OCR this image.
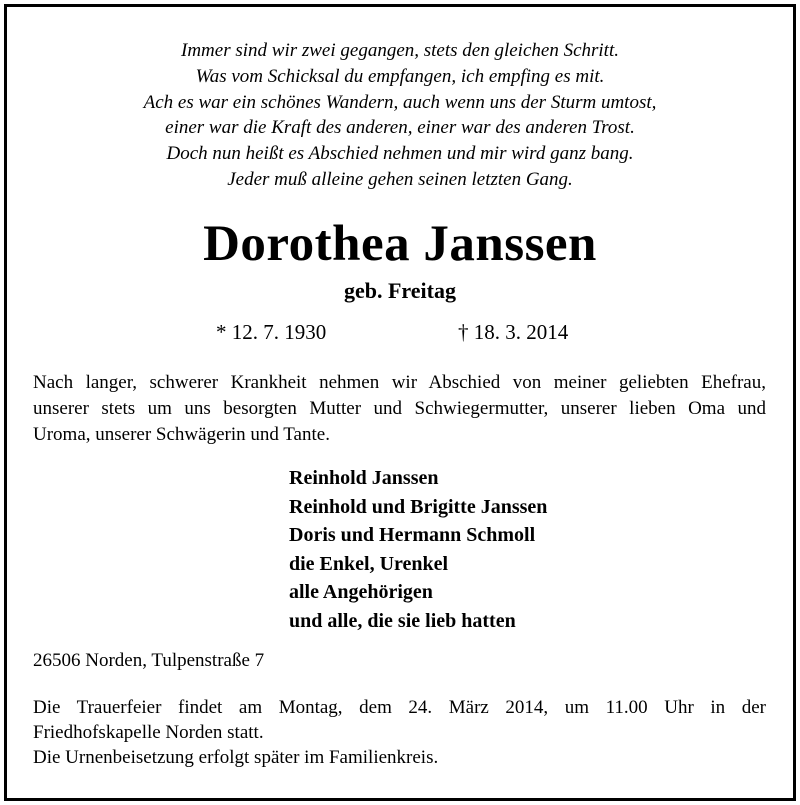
Immer sind wir zwei gegangen, stets den gleichen Schritt.
Was vom Schicksal du empfangen, ich empfing es mit.
Ach es war ein schönes Wandern, auch wenn uns der Sturm umtost,
einer war die Kraft des anderen, einer war des anderen Trost.
Doch nun heißt es Abschied nehmen und mir wird ganz bang.
Jeder muß alleine gehen seinen letzten Gang.
Dorothea Janssen
geb. Freitag
* 12. 7. 1930	† 18. 3. 2014
Nach langer, schwerer Krankheit nehmen wir Abschied von meiner geliebten Ehefrau,
unserer stets um uns besorgten Mutter und Schwiegermutter, unserer lieben Oma und
Uroma, unserer Schwägerin und Tante.
Reinhold Janssen
Reinhold und Brigitte Janssen
Doris und Hermann Schmoll
die Enkel, Urenkel
alle Angehörigen
und alle, die sie lieb hatten
26506 Norden, Tulpenstraße 7
Die Trauerfeier findet am Montag, dem 24. März 2014, um 11.00 Uhr in der
Friedhofskapelle Norden statt.
Die Urnenbeisetzung erfolgt später im Familienkreis.
